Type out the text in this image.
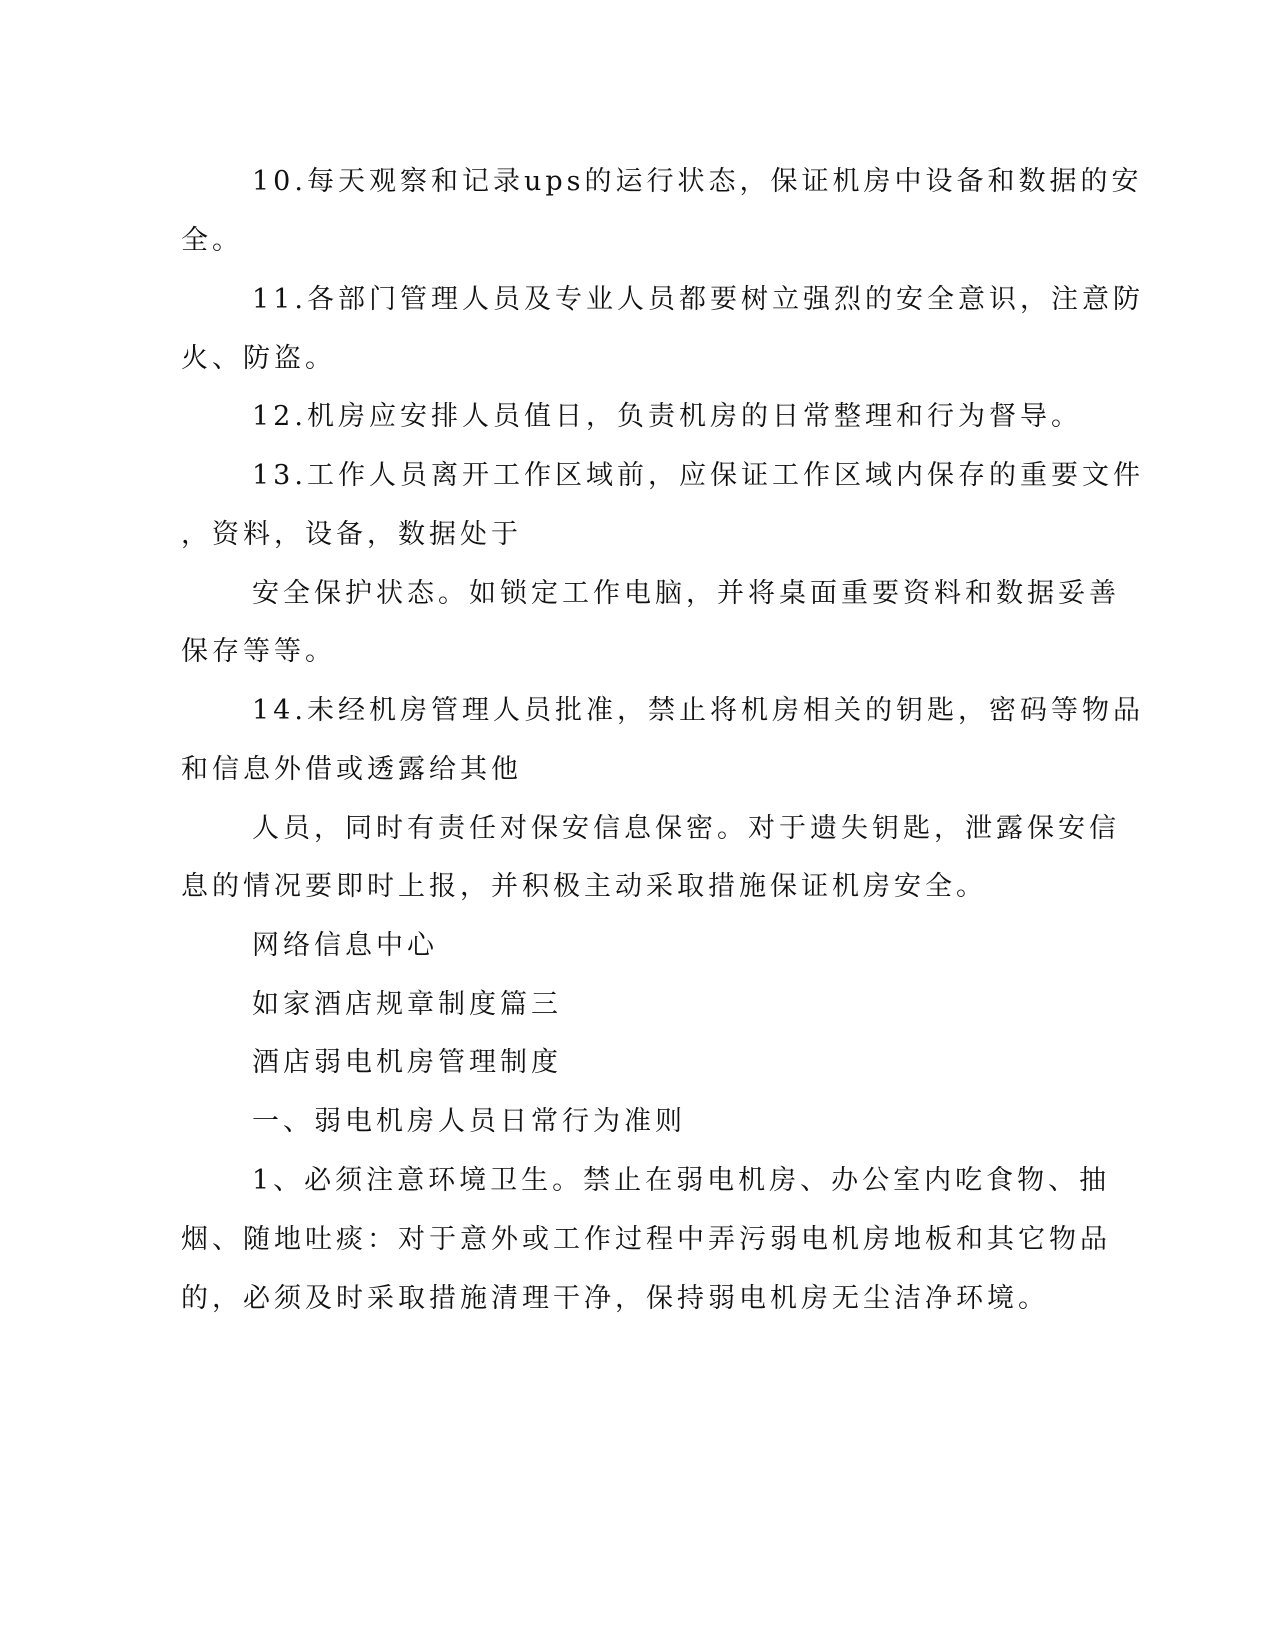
10.每天观察和记录ups的运行状态，保证机房中设备和数据的安

全。

11.各部门管理人员及专业人员都要树立强烈的安全意识，注意防

火、防盗。

12.机房应安排人员值日，负责机房的日常整理和行为督导。

13.工作人员离开工作区域前，应保证工作区域内保存的重要文件

，资料，设备，数据处于

安全保护状态。如锁定工作电脑，并将桌面重要资料和数据妥善

保存等等。

14.未经机房管理人员批准，禁止将机房相关的钥匙，密码等物品

和信息外借或透露给其他

人员，同时有责任对保安信息保密。对于遗失钥匙，泄露保安信

息的情况要即时上报，并积极主动采取措施保证机房安全。

网络信息中心

如家酒店规章制度篇三

酒店弱电机房管理制度

一、弱电机房人员日常行为准则

1、必须注意环境卫生。禁止在弱电机房、办公室内吃食物、抽

烟、随地吐痰：对于意外或工作过程中弄污弱电机房地板和其它物品

的，必须及时采取措施清理干净，保持弱电机房无尘洁净环境。
